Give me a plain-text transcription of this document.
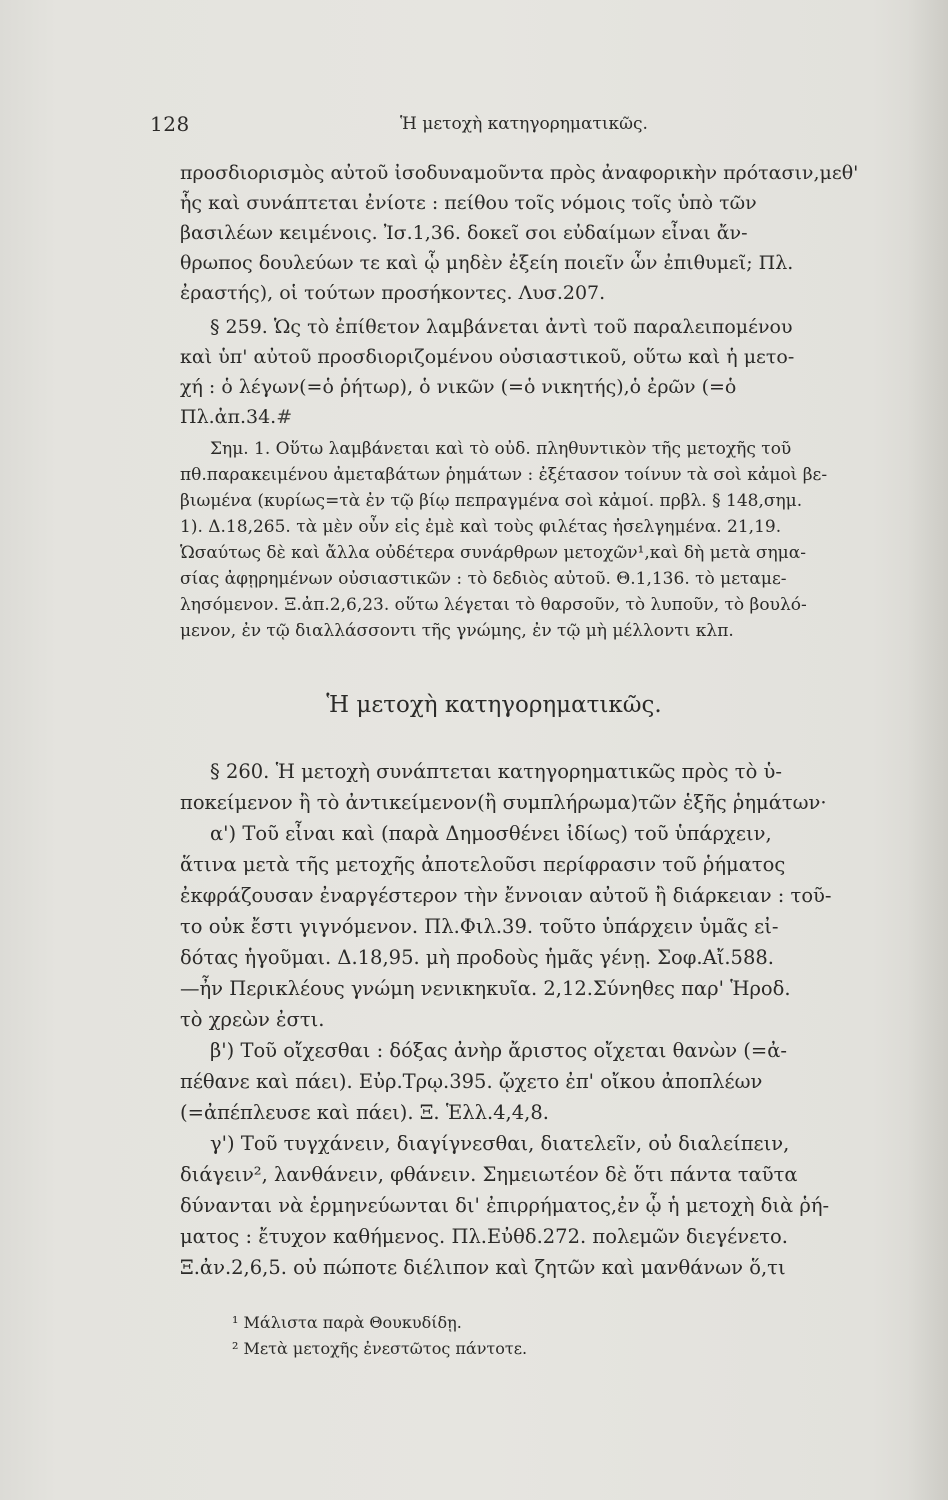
128	Ἡ μετοχὴ κατηγορηματικῶς.
προσδιορισμὸς αὐτοῦ ἰσοδυναμοῦντα πρὸς ἀναφορικὴν πρότασιν,μεθ'
ἧς καὶ συνάπτεται ἐνίοτε : πείθου τοῖς νόμοις τοῖς ὑπὸ τῶν
βασιλέων κειμένοις. Ἰσ.1,36. δοκεῖ σοι εὐδαίμων εἶναι ἄν-
θρωπος δουλεύων τε καὶ ᾧ μηδὲν ἐξείη ποιεῖν ὧν ἐπιθυμεῖ; Πλ.
ἐραστής), οἱ τούτων προσήκοντες. Λυσ.207.
§ 259. Ὡς τὸ ἐπίθετον λαμβάνεται ἀντὶ τοῦ παραλειπομένου
καὶ ὑπ' αὐτοῦ προσδιοριζομένου οὐσιαστικοῦ, οὕτω καὶ ἡ μετο-
χή : ὁ λέγων(=ὁ ῥήτωρ), ὁ νικῶν (=ὁ νικητής),ὁ ἐρῶν (=ὁ
Πλ.ἀπ.34.#
Σημ. 1. Οὕτω λαμβάνεται καὶ τὸ οὐδ. πληθυντικὸν τῆς μετοχῆς τοῦ
πθ.παρακειμένου ἀμεταβάτων ῥημάτων : ἐξέτασον τοίνυν τὰ σοὶ κἀμοὶ βε-
βιωμένα (κυρίως=τὰ ἐν τῷ βίῳ πεπραγμένα σοὶ κἀμοί. πρβλ. § 148,σημ.
1). Δ.18,265. τὰ μὲν οὖν εἰς ἐμὲ καὶ τοὺς φιλέτας ἠσελγημένα. 21,19.
Ὡσαύτως δὲ καὶ ἄλλα οὐδέτερα συνάρθρων μετοχῶν¹,καὶ δὴ μετὰ σημα-
σίας ἀφῃρημένων οὐσιαστικῶν : τὸ δεδιὸς αὐτοῦ. Θ.1,136. τὸ μεταμε-
λησόμενον. Ξ.ἀπ.2,6,23. οὕτω λέγεται τὸ θαρσοῦν, τὸ λυποῦν, τὸ βουλό-
μενον, ἐν τῷ διαλλάσσοντι τῆς γνώμης, ἐν τῷ μὴ μέλλοντι κλπ.
Ἡ μετοχὴ κατηγορηματικῶς.
§ 260. Ἡ μετοχὴ συνάπτεται κατηγορηματικῶς πρὸς τὸ ὑ-
ποκείμενον ἢ τὸ ἀντικείμενον(ἢ συμπλήρωμα)τῶν ἑξῆς ῥημάτων·
α') Τοῦ εἶναι καὶ (παρὰ Δημοσθένει ἰδίως) τοῦ ὑπάρχειν,
ἅτινα μετὰ τῆς μετοχῆς ἀποτελοῦσι περίφρασιν τοῦ ῥήματος
ἐκφράζουσαν ἐναργέστερον τὴν ἔννοιαν αὐτοῦ ἢ διάρκειαν : τοῦ-
το οὐκ ἔστι γιγνόμενον. Πλ.Φιλ.39. τοῦτο ὑπάρχειν ὑμᾶς εἰ-
δότας ἡγοῦμαι. Δ.18,95. μὴ προδοὺς ἡμᾶς γένῃ. Σοφ.Αἴ.588.
—ἦν Περικλέους γνώμη νενικηκυῖα. 2,12.Σύνηθες παρ' Ἡροδ.
τὸ χρεὼν ἐστι.
β') Τοῦ οἴχεσθαι : δόξας ἀνὴρ ἄριστος οἴχεται θανὼν (=ἀ-
πέθανε καὶ πάει). Εὐρ.Τρῳ.395. ᾤχετο ἐπ' οἴκου ἀποπλέων
(=ἀπέπλευσε καὶ πάει). Ξ. Ἑλλ.4,4,8.
γ') Τοῦ τυγχάνειν, διαγίγνεσθαι, διατελεῖν, οὐ διαλείπειν,
διάγειν², λανθάνειν, φθάνειν. Σημειωτέον δὲ ὅτι πάντα ταῦτα
δύνανται νὰ ἑρμηνεύωνται δι' ἐπιρρήματος,ἐν ᾧ ἡ μετοχὴ διὰ ῥή-
ματος : ἔτυχον καθήμενος. Πλ.Εὐθδ.272. πολεμῶν διεγένετο.
Ξ.ἀν.2,6,5. οὐ πώποτε διέλιπον καὶ ζητῶν καὶ μανθάνων ὅ,τι
¹ Μάλιστα παρὰ Θουκυδίδῃ.
² Μετὰ μετοχῆς ἐνεστῶτος πάντοτε.
